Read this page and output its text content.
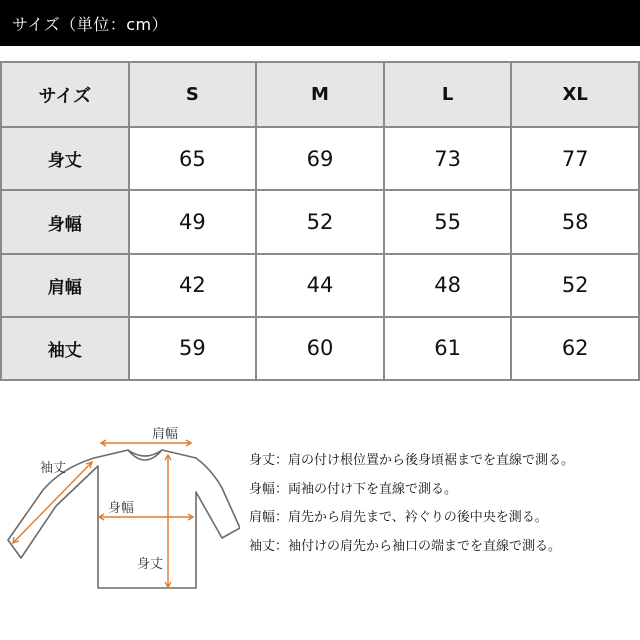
サイズ（単位：cm）
サイズ	S	M	L	XL
身丈	65	69	73	77
身幅	49	52	55	58
肩幅	42	44	48	52
袖丈	59	60	61	62
肩幅
袖丈
身幅
身丈
身丈：肩の付け根位置から後身頃裾までを直線で測る。
身幅：両袖の付け下を直線で測る。
肩幅：肩先から肩先まで、衿ぐりの後中央を測る。
袖丈：袖付けの肩先から袖口の端までを直線で測る。
